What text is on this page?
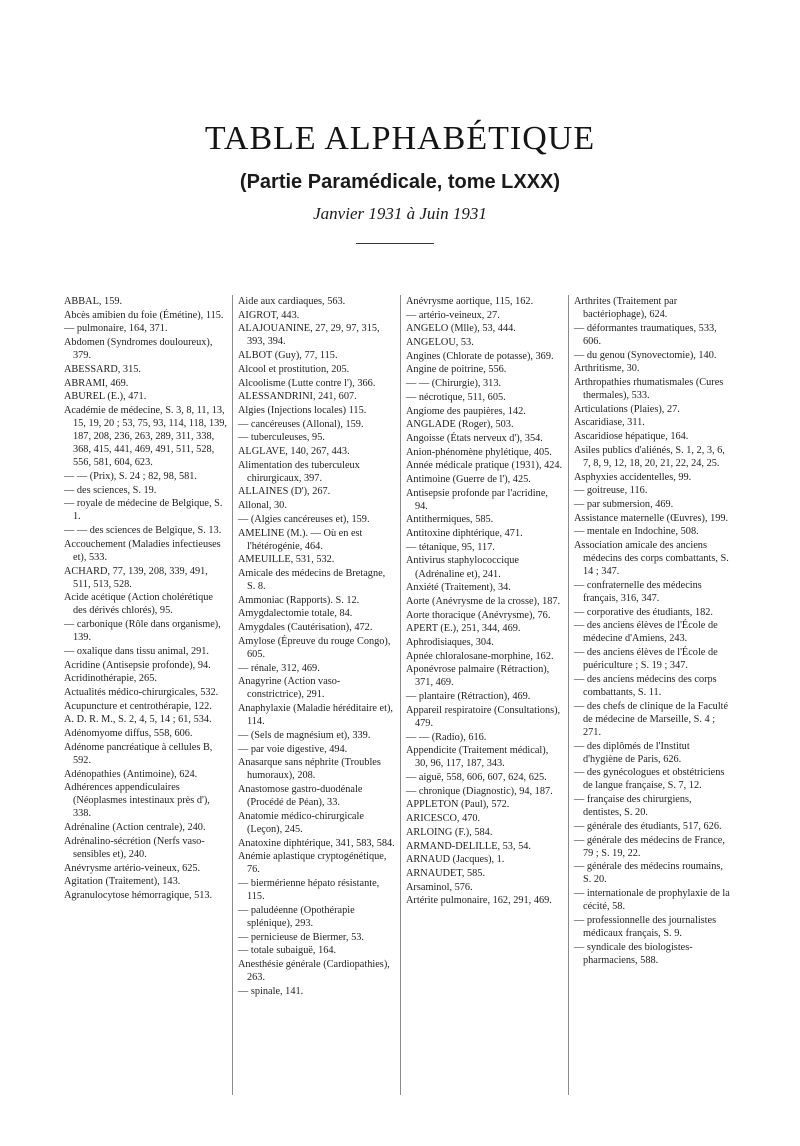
TABLE ALPHABÉTIQUE
(Partie Paramédicale, tome LXXX)
Janvier 1931 à Juin 1931

ABBAL, 159.

Abcès amibien du foie (Émétine), 115.

— pulmonaire, 164, 371.

Abdomen (Syndromes douloureux), 379.

ABESSARD, 315.

ABRAMI, 469.

ABUREL (E.), 471.

Académie de médecine, S. 3, 8, 11, 13, 15, 19, 20 ; 53, 75, 93, 114, 118, 139, 187, 208, 236, 263, 289, 311, 338, 368, 415, 441, 469, 491, 511, 528, 556, 581, 604, 623.

— — (Prix), S. 24 ; 82, 98, 581.

— des sciences, S. 19.

— royale de médecine de Belgique, S. 1.

— — des sciences de Belgique, S. 13.

Accouchement (Maladies infectieuses et), 533.

ACHARD, 77, 139, 208, 339, 491, 511, 513, 528.

Acide acétique (Action cholérétique des dérivés chlorés), 95.

— carbonique (Rôle dans organisme), 139.

— oxalique dans tissu animal, 291.

Acridine (Antisepsie profonde), 94.

Acridinothérapie, 265.

Actualités médico-chirurgicales, 532.

Acupuncture et centrothérapie, 122.

A. D. R. M., S. 2, 4, 5, 14 ; 61, 534.

Adénomyome diffus, 558, 606.

Adénome pancréatique à cellules B, 592.

Adénopathies (Antimoine), 624.

Adhérences appendiculaires (Néoplasmes intestinaux près d'), 338.

Adrénaline (Action centrale), 240.

Adrénalino-sécrétion (Nerfs vaso-sensibles et), 240.

Anévrysme artério-veineux, 625.

Agitation (Traitement), 143.

Agranulocytose hémorragique, 513.

Aide aux cardiaques, 563.

AIGROT, 443.

ALAJOUANINE, 27, 29, 97, 315, 393, 394.

ALBOT (Guy), 77, 115.

Alcool et prostitution, 205.

Alcoolisme (Lutte contre l'), 366.

ALESSANDRINI, 241, 607.

Algies (Injections locales) 115.

— cancéreuses (Allonal), 159.

— tuberculeuses, 95.

ALGLAVE, 140, 267, 443.

Alimentation des tuberculeux chirurgicaux, 397.

ALLAINES (D'), 267.

Allonal, 30.

— (Algies cancéreuses et), 159.

AMELINE (M.). — Où en est l'hétérogénie, 464.

AMEUILLE, 531, 532.

Amicale des médecins de Bretagne, S. 8.

Ammoniac (Rapports). S. 12.

Amygdalectomie totale, 84.

Amygdales (Cautérisation), 472.

Amylose (Épreuve du rouge Congo), 605.

— rénale, 312, 469.

Anagyrine (Action vaso-constrictrice), 291.

Anaphylaxie (Maladie héréditaire et), 114.

— (Sels de magnésium et), 339.

— par voie digestive, 494.

Anasarque sans néphrite (Troubles humoraux), 208.

Anastomose gastro-duodénale (Procédé de Péan), 33.

Anatomie médico-chirurgicale (Leçon), 245.

Anatoxine diphtérique, 341, 583, 584.

Anémie aplastique cryptogénétique, 76.

— biermérienne hépato résistante, 115.

— paludéenne (Opothérapie splénique), 293.

— pernicieuse de Biermer, 53.

— totale subaiguë, 164.

Anesthésie générale (Cardiopathies), 263.

— spinale, 141.

Anévrysme aortique, 115, 162.

— artério-veineux, 27.

ANGELO (Mlle), 53, 444.

ANGELOU, 53.

Angines (Chlorate de potasse), 369.

Angine de poitrine, 556.

— — (Chirurgie), 313.

— nécrotique, 511, 605.

Angiome des paupières, 142.

ANGLADE (Roger), 503.

Angoisse (États nerveux d'), 354.

Anion-phénomène phylétique, 405.

Année médicale pratique (1931), 424.

Antimoine (Guerre de l'), 425.

Antisepsie profonde par l'acridine, 94.

Antithermiques, 585.

Antitoxine diphtérique, 471.

— tétanique, 95, 117.

Antivirus staphylococcique (Adrénaline et), 241.

Anxiété (Traitement), 34.

Aorte (Anévrysme de la crosse), 187.

Aorte thoracique (Anévrysme), 76.

APERT (E.), 251, 344, 469.

Aphrodisiaques, 304.

Apnée chloralosane-morphine, 162.

Aponévrose palmaire (Rétraction), 371, 469.

— plantaire (Rétraction), 469.

Appareil respiratoire (Consultations), 479.

— — (Radio), 616.

Appendicite (Traitement médical), 30, 96, 117, 187, 343.

— aiguë, 558, 606, 607, 624, 625.

— chronique (Diagnostic), 94, 187.

APPLETON (Paul), 572.

ARICESCO, 470.

ARLOING (F.), 584.

ARMAND-DELILLE, 53, 54.

ARNAUD (Jacques), 1.

ARNAUDET, 585.

Arsaminol, 576.

Artérite pulmonaire, 162, 291, 469.

Arthrites (Traitement par bactériophage), 624.

— déformantes traumatiques, 533, 606.

— du genou (Synovectomie), 140.

Arthritisme, 30.

Arthropathies rhumatismales (Cures thermales), 533.

Articulations (Plaies), 27.

Ascaridiase, 311.

Ascaridiose hépatique, 164.

Asiles publics d'aliénés, S. 1, 2, 3, 6, 7, 8, 9, 12, 18, 20, 21, 22, 24, 25.

Asphyxies accidentelles, 99.

— goitreuse, 116.

— par submersion, 469.

Assistance maternelle (Œuvres), 199.

— mentale en Indochine, 508.

Association amicale des anciens médecins des corps combattants, S. 14 ; 347.

— confraternelle des médecins français, 316, 347.

— corporative des étudiants, 182.

— des anciens élèves de l'École de médecine d'Amiens, 243.

— des anciens élèves de l'École de puériculture ; S. 19 ; 347.

— des anciens médecins des corps combattants, S. 11.

— des chefs de clinique de la Faculté de médecine de Marseille, S. 4 ; 271.

— des diplômés de l'Institut d'hygiène de Paris, 626.

— des gynécologues et obstétriciens de langue française, S. 7, 12.

— française des chirurgiens, dentistes, S. 20.

— générale des étudiants, 517, 626.

— générale des médecins de France, 79 ; S. 19, 22.

— générale des médecins roumains, S. 20.

— internationale de prophylaxie de la cécité, 58.

— professionnelle des journalistes médicaux français, S. 9.

— syndicale des biologistes-pharmaciens, 588.
